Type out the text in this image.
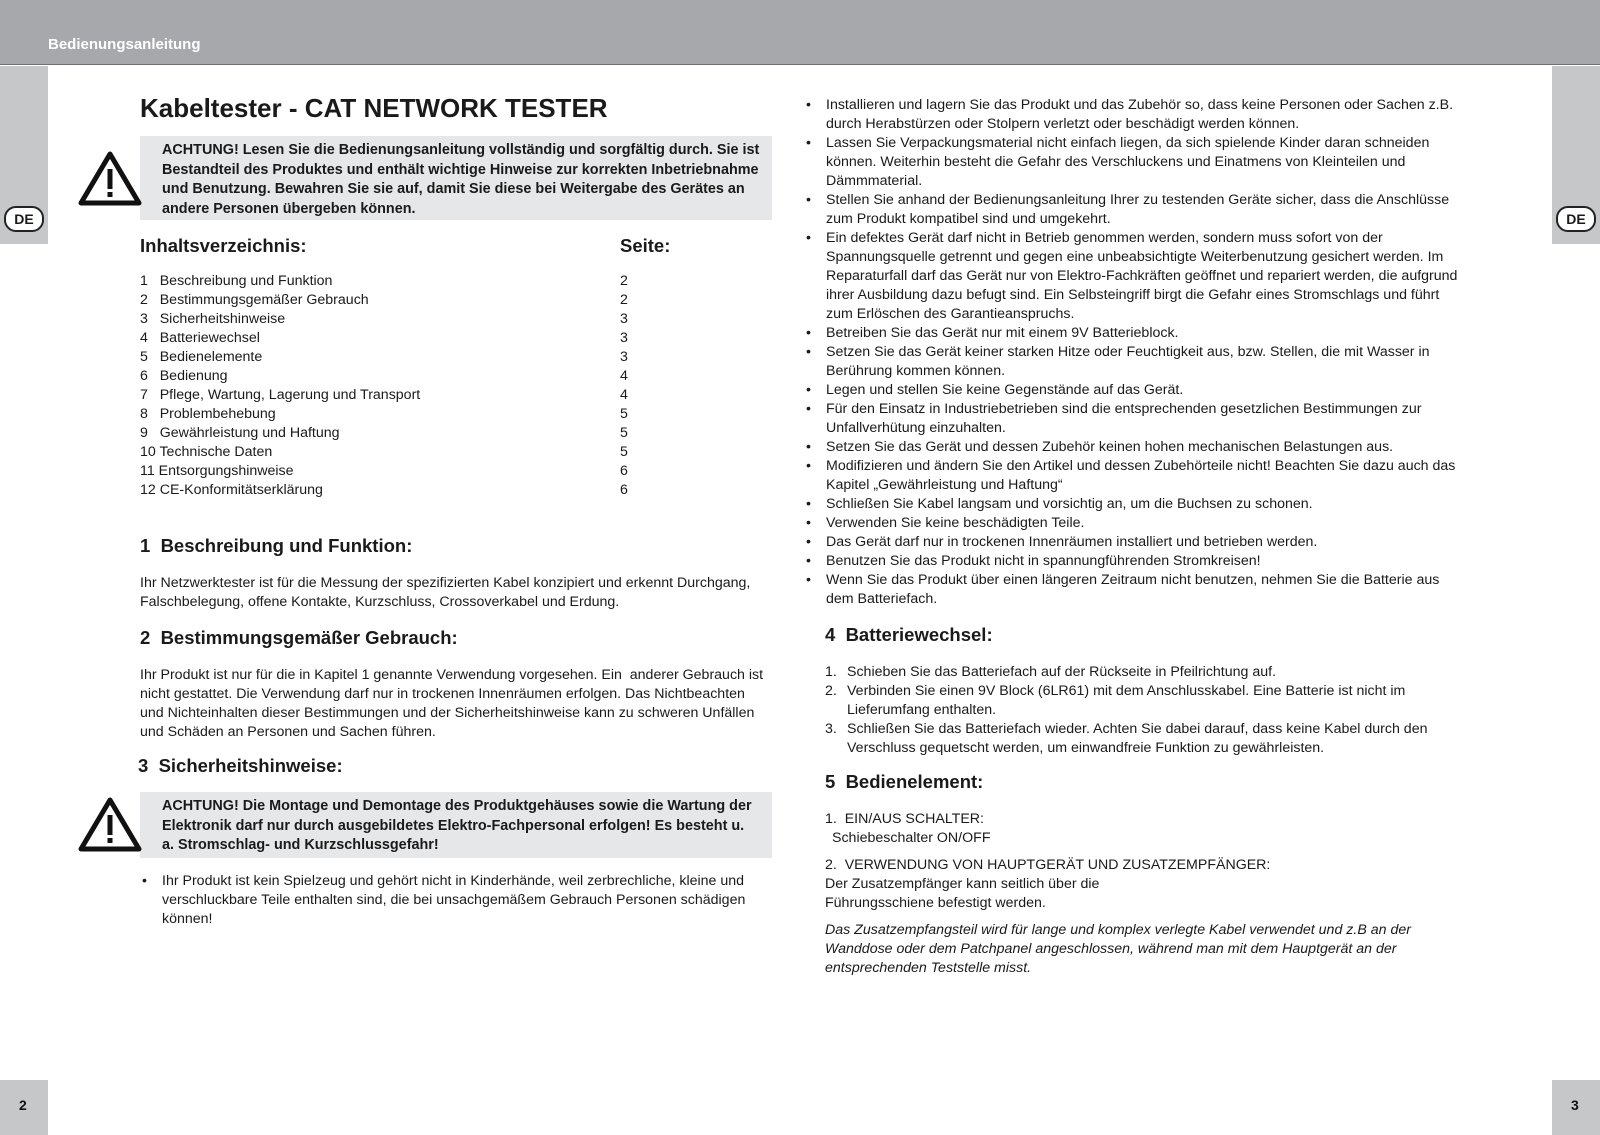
Bedienungsanleitung
DE	DE
2	3
Kabeltester - CAT NETWORK TESTER
ACHTUNG! Lesen Sie die Bedienungsanleitung vollständig und sorgfältig durch. Sie ist Bestandteil des Produktes und enthält wichtige Hinweise zur korrekten Inbetriebnahme und Benutzung. Bewahren Sie sie auf, damit Sie diese bei Weitergabe des Gerätes an andere Personen übergeben können.
Inhaltsverzeichnis:	Seite:
1   Beschreibung und Funktion	2
2   Bestimmungsgemäßer Gebrauch	2
3   Sicherheitshinweise	3
4   Batteriewechsel	3
5   Bedienelemente	3
6   Bedienung	4
7   Pflege, Wartung, Lagerung und Transport	4
8   Problembehebung	5
9   Gewährleistung und Haftung	5
10 Technische Daten	5
11 Entsorgungshinweise	6
12 CE-Konformitätserklärung	6
1  Beschreibung und Funktion:

Ihr Netzwerktester ist für die Messung der spezifizierten Kabel konzipiert und erkennt Durchgang, Falschbelegung, offene Kontakte, Kurzschluss, Crossoverkabel und Erdung.

2  Bestimmungsgemäßer Gebrauch:

Ihr Produkt ist nur für die in Kapitel 1 genannte Verwendung vorgesehen. Ein  anderer Gebrauch ist nicht gestattet. Die Verwendung darf nur in trockenen Innenräumen erfolgen. Das Nichtbeachten und Nichteinhalten dieser Bestimmungen und der Sicherheitshinweise kann zu schweren Unfällen und Schäden an Personen und Sachen führen.

3  Sicherheitshinweise:
ACHTUNG! Die Montage und Demontage des Produktgehäuses sowie die Wartung der Elektronik darf nur durch ausgebildetes Elektro-Fachpersonal erfolgen! Es besteht u. a. Stromschlag- und Kurzschlussgefahr!
• Ihr Produkt ist kein Spielzeug und gehört nicht in Kinderhände, weil zerbrechliche, kleine und verschluckbare Teile enthalten sind, die bei unsachgemäßem Gebrauch Personen schädigen können!
• Installieren und lagern Sie das Produkt und das Zubehör so, dass keine Personen oder Sachen z.B. durch Herabstürzen oder Stolpern verletzt oder beschädigt werden können.
• Lassen Sie Verpackungsmaterial nicht einfach liegen, da sich spielende Kinder daran schneiden können. Weiterhin besteht die Gefahr des Verschluckens und Einatmens von Kleinteilen und Dämmmaterial.
• Stellen Sie anhand der Bedienungsanleitung Ihrer zu testenden Geräte sicher, dass die Anschlüsse zum Produkt kompatibel sind und umgekehrt.
• Ein defektes Gerät darf nicht in Betrieb genommen werden, sondern muss sofort von der Spannungsquelle getrennt und gegen eine unbeabsichtigte Weiterbenutzung gesichert werden. Im Reparaturfall darf das Gerät nur von Elektro-Fachkräften geöffnet und repariert werden, die aufgrund ihrer Ausbildung dazu befugt sind. Ein Selbsteingriff birgt die Gefahr eines Stromschlags und führt zum Erlöschen des Garantieanspruchs.
• Betreiben Sie das Gerät nur mit einem 9V Batterieblock.
• Setzen Sie das Gerät keiner starken Hitze oder Feuchtigkeit aus, bzw. Stellen, die mit Wasser in Berührung kommen können.
• Legen und stellen Sie keine Gegenstände auf das Gerät.
• Für den Einsatz in Industriebetrieben sind die entsprechenden gesetzlichen Bestimmungen zur Unfallverhütung einzuhalten.
• Setzen Sie das Gerät und dessen Zubehör keinen hohen mechanischen Belastungen aus.
• Modifizieren und ändern Sie den Artikel und dessen Zubehörteile nicht! Beachten Sie dazu auch das Kapitel „Gewährleistung und Haftung“
• Schließen Sie Kabel langsam und vorsichtig an, um die Buchsen zu schonen.
• Verwenden Sie keine beschädigten Teile.
• Das Gerät darf nur in trockenen Innenräumen installiert und betrieben werden.
• Benutzen Sie das Produkt nicht in spannungführenden Stromkreisen!
• Wenn Sie das Produkt über einen längeren Zeitraum nicht benutzen, nehmen Sie die Batterie aus dem Batteriefach.
4  Batteriewechsel:
1. Schieben Sie das Batteriefach auf der Rückseite in Pfeilrichtung auf.
2. Verbinden Sie einen 9V Block (6LR61) mit dem Anschlusskabel. Eine Batterie ist nicht im Lieferumfang enthalten.
3. Schließen Sie das Batteriefach wieder. Achten Sie dabei darauf, dass keine Kabel durch den Verschluss gequetscht werden, um einwandfreie Funktion zu gewährleisten.
5  Bedienelement:
1.  EIN/AUS SCHALTER:
Schiebeschalter ON/OFF
2.  VERWENDUNG VON HAUPTGERÄT UND ZUSATZEMPFÄNGER:
Der Zusatzempfänger kann seitlich über die
Führungsschiene befestigt werden.

Das Zusatzempfangsteil wird für lange und komplex verlegte Kabel verwendet und z.B an der Wanddose oder dem Patchpanel angeschlossen, während man mit dem Hauptgerät an der entsprechenden Teststelle misst.
